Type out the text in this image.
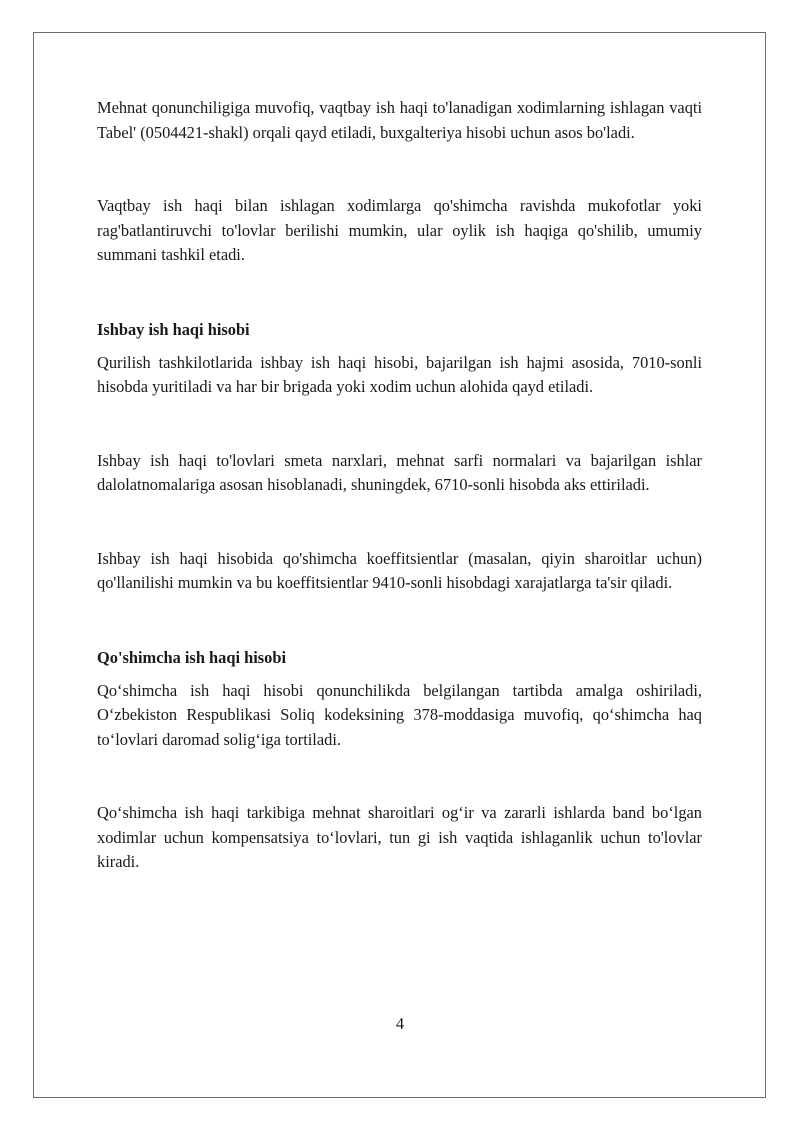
Mehnat qonunchiligiga muvofiq, vaqtbay ish haqi to'lanadigan xodimlarning ishlagan vaqti Tabel' (0504421-shakl) orqali qayd etiladi, buxgalteriya hisobi uchun asos bo'ladi.

Vaqtbay ish haqi bilan ishlagan xodimlarga qo'shimcha ravishda mukofotlar yoki rag'batlantiruvchi to'lovlar berilishi mumkin, ular oylik ish haqiga qo'shilib, umumiy summani tashkil etadi.

Ishbay ish haqi hisobi

Qurilish tashkilotlarida ishbay ish haqi hisobi, bajarilgan ish hajmi asosida, 7010-sonli hisobda yuritiladi va har bir brigada yoki xodim uchun alohida qayd etiladi.

Ishbay ish haqi to'lovlari smeta narxlari, mehnat sarfi normalari va bajarilgan ishlar dalolatnomalariga asosan hisoblanadi, shuningdek, 6710-sonli hisobda aks ettiriladi.

Ishbay ish haqi hisobida qo'shimcha koeffitsientlar (masalan, qiyin sharoitlar uchun) qo'llanilishi mumkin va bu koeffitsientlar 9410-sonli hisobdagi xarajatlarga ta'sir qiladi.

Qo'shimcha ish haqi hisobi

Qo‘shimcha ish haqi hisobi qonunchilikda belgilangan tartibda amalga oshiriladi, O‘zbekiston Respublikasi Soliq kodeksining 378-moddasiga muvofiq, qo‘shimcha haq to‘lovlari daromad solig‘iga tortiladi.

Qo‘shimcha ish haqi tarkibiga mehnat sharoitlari og‘ir va zararli ishlarda band bo‘lgan xodimlar uchun kompensatsiya to‘lovlari, tun gi ish vaqtida ishlaganlik uchun to'lovlar kiradi.

4
